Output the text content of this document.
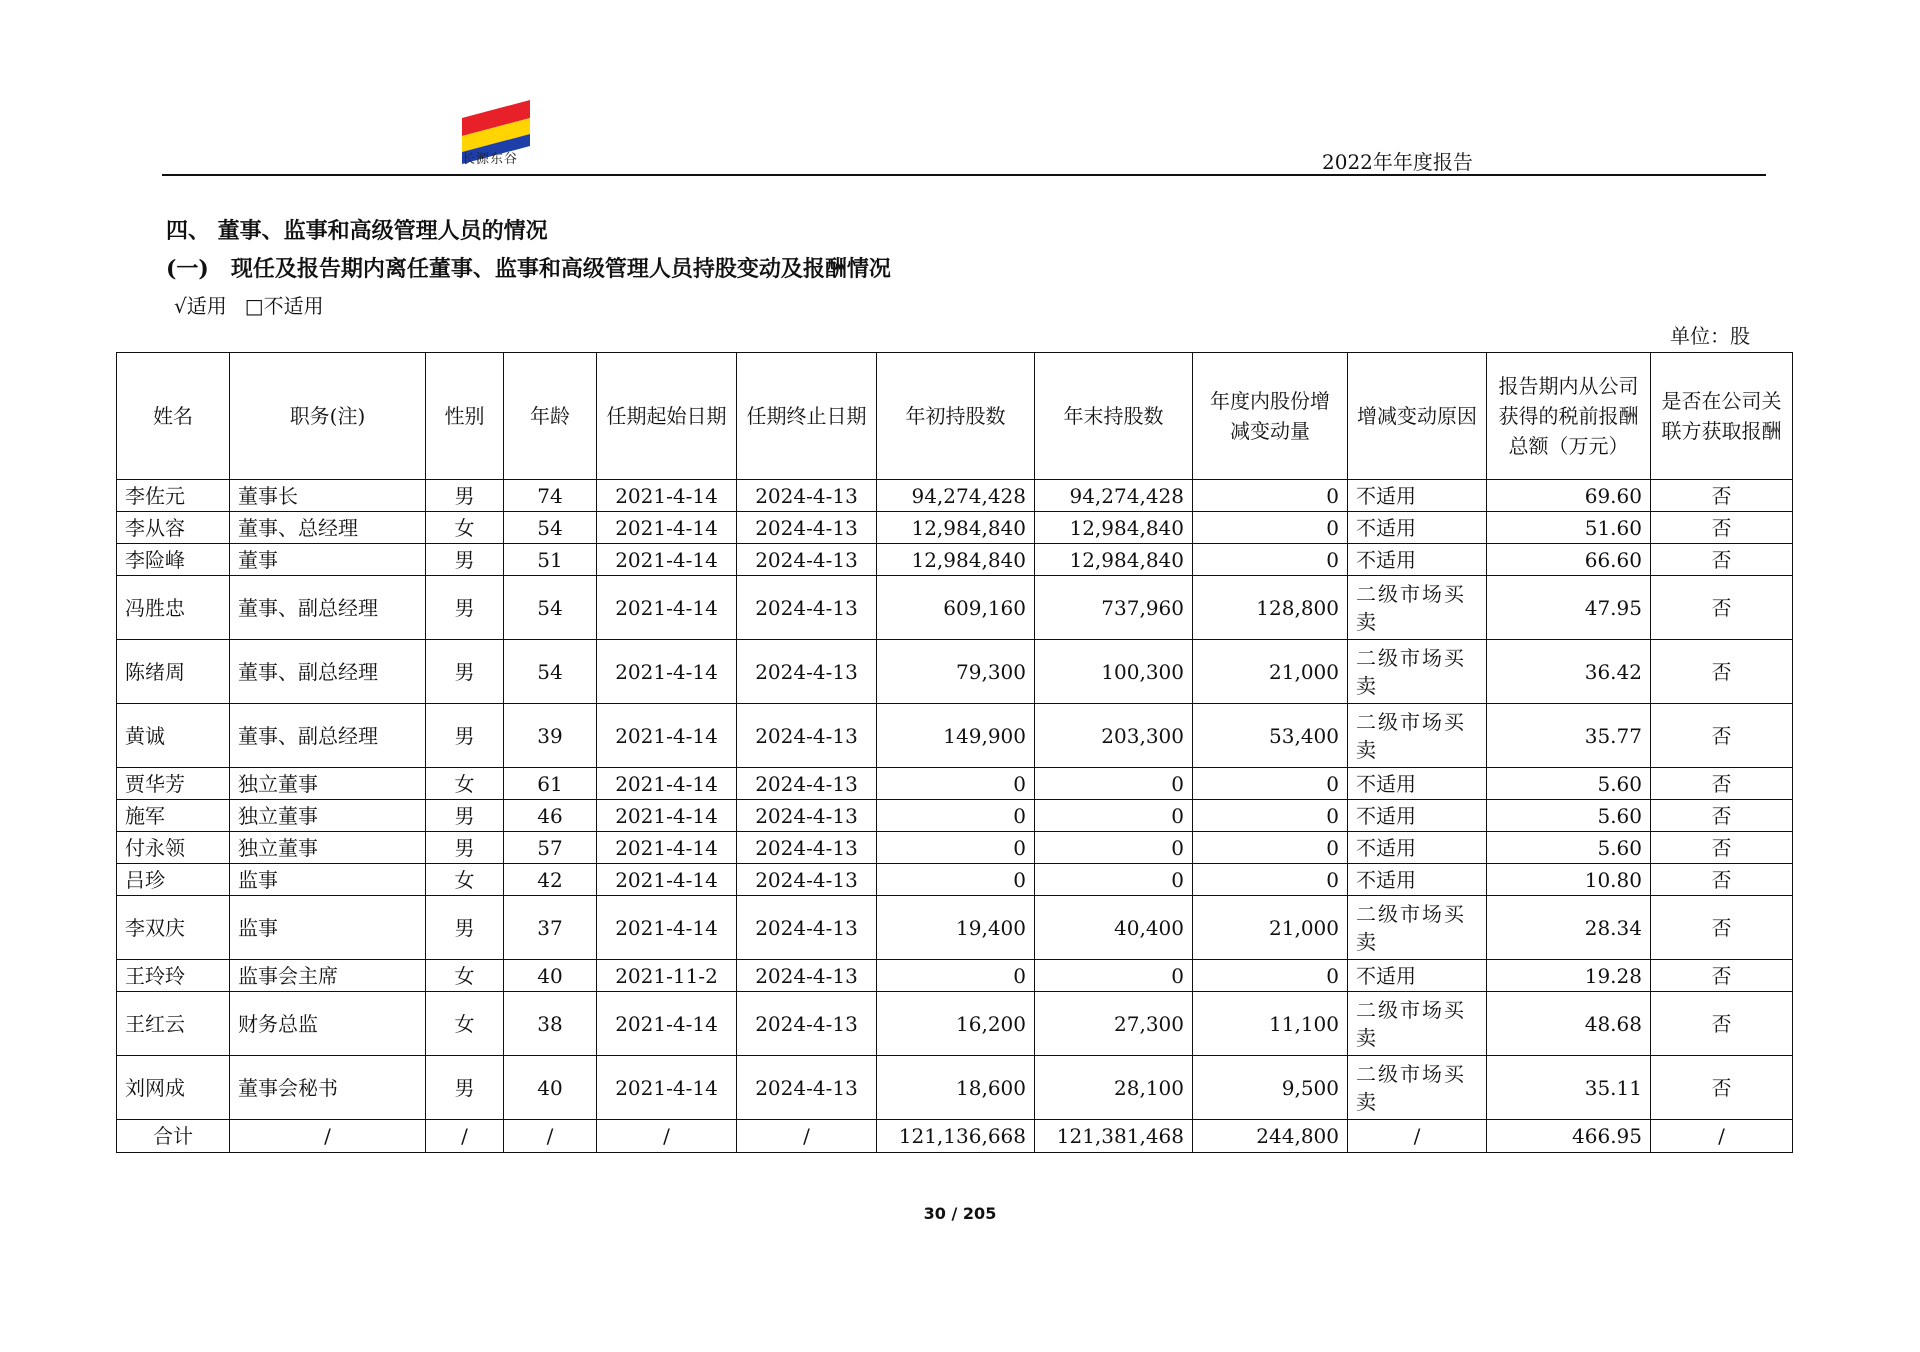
长源东谷	2022年年度报告
四、 董事、监事和高级管理人员的情况
(一)　现任及报告期内离任董事、监事和高级管理人员持股变动及报酬情况
√适用 □不适用
单位：股
姓名	职务(注)	性别	年龄	任期起始日期	任期终止日期	年初持股数	年末持股数	年度内股份增减变动量	增减变动原因	报告期内从公司获得的税前报酬总额（万元）	是否在公司关联方获取报酬
李佐元	董事长	男	74	2021-4-14	2024-4-13	94,274,428	94,274,428	0	不适用	69.60	否
李从容	董事、总经理	女	54	2021-4-14	2024-4-13	12,984,840	12,984,840	0	不适用	51.60	否
李险峰	董事	男	51	2021-4-14	2024-4-13	12,984,840	12,984,840	0	不适用	66.60	否
冯胜忠	董事、副总经理	男	54	2021-4-14	2024-4-13	609,160	737,960	128,800	二级市场买卖	47.95	否
陈绪周	董事、副总经理	男	54	2021-4-14	2024-4-13	79,300	100,300	21,000	二级市场买卖	36.42	否
黄诚	董事、副总经理	男	39	2021-4-14	2024-4-13	149,900	203,300	53,400	二级市场买卖	35.77	否
贾华芳	独立董事	女	61	2021-4-14	2024-4-13	0	0	0	不适用	5.60	否
施军	独立董事	男	46	2021-4-14	2024-4-13	0	0	0	不适用	5.60	否
付永领	独立董事	男	57	2021-4-14	2024-4-13	0	0	0	不适用	5.60	否
吕珍	监事	女	42	2021-4-14	2024-4-13	0	0	0	不适用	10.80	否
李双庆	监事	男	37	2021-4-14	2024-4-13	19,400	40,400	21,000	二级市场买卖	28.34	否
王玲玲	监事会主席	女	40	2021-11-2	2024-4-13	0	0	0	不适用	19.28	否
王红云	财务总监	女	38	2021-4-14	2024-4-13	16,200	27,300	11,100	二级市场买卖	48.68	否
刘网成	董事会秘书	男	40	2021-4-14	2024-4-13	18,600	28,100	9,500	二级市场买卖	35.11	否
合计	/	/	/	/	/	121,136,668	121,381,468	244,800	/	466.95	/
30 / 205
